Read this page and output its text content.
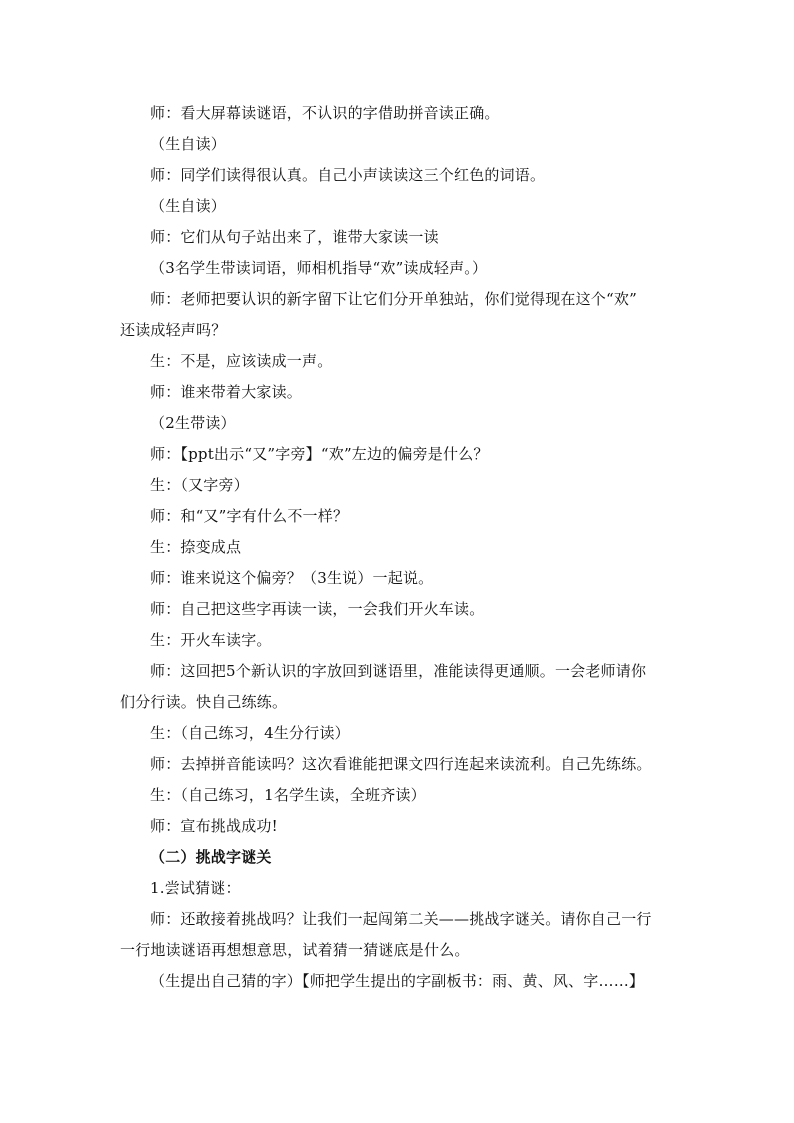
师：看大屏幕读谜语，不认识的字借助拼音读正确。
（生自读）
师：同学们读得很认真。自己小声读读这三个红色的词语。
（生自读）
师：它们从句子站出来了，谁带大家读一读
（3名学生带读词语，师相机指导“欢”读成轻声。）
师：老师把要认识的新字留下让它们分开单独站，你们觉得现在这个“欢”
还读成轻声吗？
生：不是，应该读成一声。
师：谁来带着大家读。
（2生带读）
师：【ppt出示“又”字旁】“欢”左边的偏旁是什么？
生：（又字旁）
师：和“又”字有什么不一样？
生：捺变成点
师：谁来说这个偏旁？（3生说）一起说。
师：自己把这些字再读一读，一会我们开火车读。
生：开火车读字。
师：这回把5个新认识的字放回到谜语里，准能读得更通顺。一会老师请你
们分行读。快自己练练。
生：（自己练习，4生分行读）
师：去掉拼音能读吗？这次看谁能把课文四行连起来读流利。自己先练练。
生：（自己练习，1名学生读，全班齐读）
师：宣布挑战成功!
（二）挑战字谜关
1.尝试猜谜：
师：还敢接着挑战吗？让我们一起闯第二关——挑战字谜关。请你自己一行
一行地读谜语再想想意思，试着猜一猜谜底是什么。
（生提出自己猜的字）【师把学生提出的字副板书：雨、黄、风、字……】
